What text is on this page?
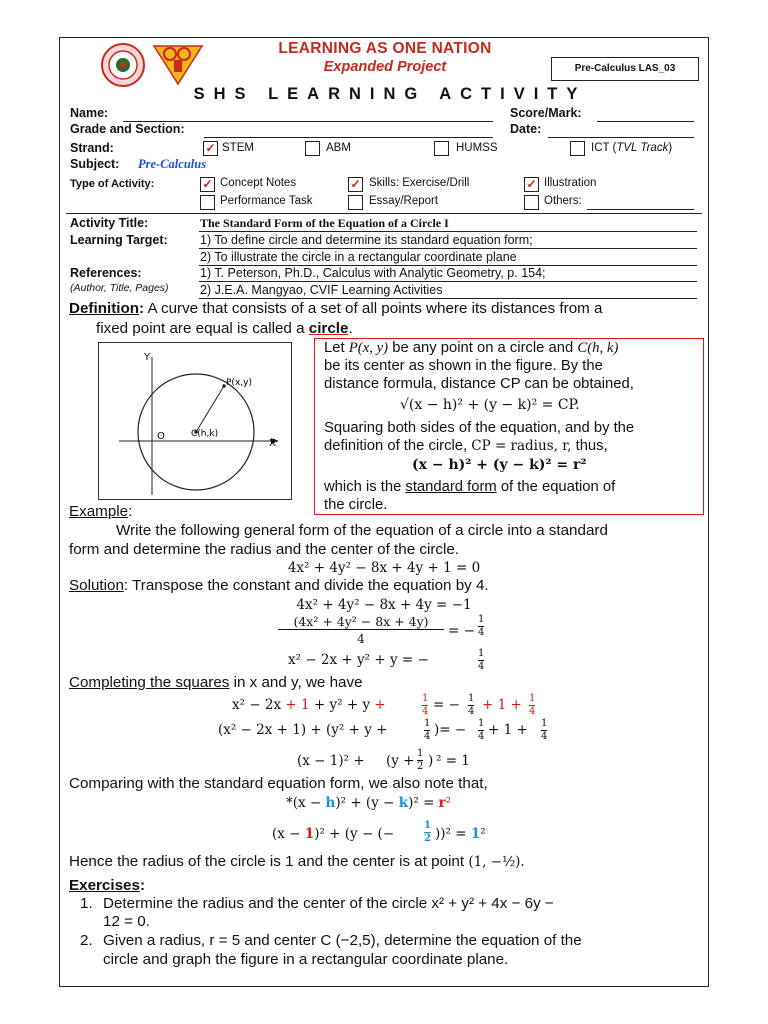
LEARNING AS ONE NATION
Expanded Project	Pre-Calculus LAS_03
SHS LEARNING ACTIVITY
Name:	Score/Mark:
Grade and Section:	Date:
Strand:	✓ STEM	ABM	HUMSS	ICT (TVL Track)
Subject: Pre-Calculus
Type of Activity:	✓ Concept Notes	✓ Skills: Exercise/Drill	✓ Illustration
Performance Task	Essay/Report	Others:
Activity Title:	The Standard Form of the Equation of a Circle I
Learning Target:	1) To define circle and determine its standard equation form;
2) To illustrate the circle in a rectangular coordinate plane
References:
(Author, Title, Pages)
1) T. Peterson, Ph.D., Calculus with Analytic Geometry, p. 154;
2) J.E.A. Mangyao, CVIF Learning Activities
Definition: A curve that consists of a set of all points where its distances from a
fixed point are equal is called a circle.
Y
X
O
P(x,y)
C(h,k)
Let P(x, y) be any point on a circle and C(h, k)
be its center as shown in the figure. By the
distance formula, distance CP can be obtained,
√(x − h)² + (y − k)² = CP.
Squaring both sides of the equation, and by the
definition of the circle, CP = radius, r, thus,
(x − h)² + (y − k)² = r²
which is the standard form of the equation of
the circle.
Example:
Write the following general form of the equation of a circle into a standard
form and determine the radius and the center of the circle.
4x² + 4y² − 8x + 4y + 1 = 0
Solution: Transpose the constant and divide the equation by 4.
4x² + 4y² − 8x + 4y = −1
(4x² + 4y² − 8x + 4y)
4	= −
1
4
x² − 2x + y² + y = −	1
4
Completing the squares in x and y, we have
x² − 2x + 1 + y² + y +	1
4 = − 1
4 + 1 + 1
4
(x² − 2x + 1) + (y² + y +	1
4 )= − 1
4 + 1 + 1
4
(x − 1)² + (y + 1
2 ) ² = 1
Comparing with the standard equation form, we also note that,
*(x − h)² + (y − k)² = r²
(x − 1)² + (y − (−
1
2 ))² = 1²
Hence the radius of the circle is 1 and the center is at point (1, −½).
Exercises:
1. Determine the radius and the center of the circle x² + y² + 4x − 6y −
12 = 0.
2. Given a radius, r = 5 and center C (−2,5), determine the equation of the
circle and graph the figure in a rectangular coordinate plane.
